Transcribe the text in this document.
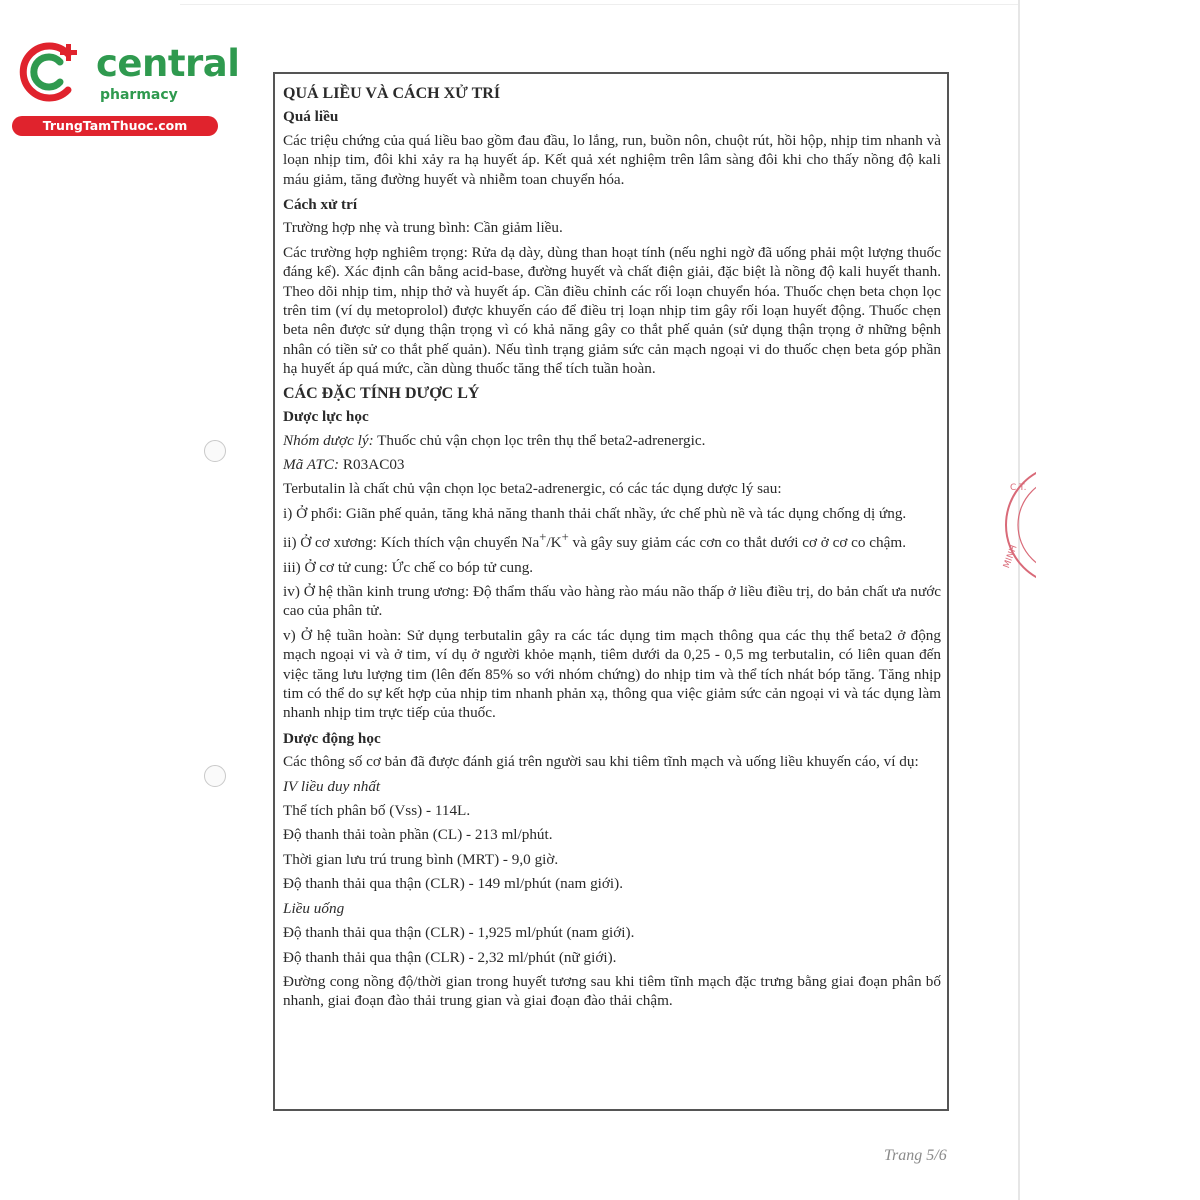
central
pharmacy
TrungTamThuoc.com
C.T.
MINH
QUÁ LIỀU VÀ CÁCH XỬ TRÍ
Quá liều
Các triệu chứng của quá liều bao gồm đau đầu, lo lắng, run, buồn nôn, chuột rút, hồi hộp, nhịp tim nhanh và loạn nhịp tim, đôi khi xảy ra hạ huyết áp. Kết quả xét nghiệm trên lâm sàng đôi khi cho thấy nồng độ kali máu giảm, tăng đường huyết và nhiễm toan chuyển hóa.
Cách xử trí
Trường hợp nhẹ và trung bình: Cần giảm liều.
Các trường hợp nghiêm trọng: Rửa dạ dày, dùng than hoạt tính (nếu nghi ngờ đã uống phải một lượng thuốc đáng kể). Xác định cân bằng acid-base, đường huyết và chất điện giải, đặc biệt là nồng độ kali huyết thanh. Theo dõi nhịp tim, nhịp thở và huyết áp. Cần điều chỉnh các rối loạn chuyển hóa. Thuốc chẹn beta chọn lọc trên tim (ví dụ metoprolol) được khuyến cáo để điều trị loạn nhịp tim gây rối loạn huyết động. Thuốc chẹn beta nên được sử dụng thận trọng vì có khả năng gây co thắt phế quản (sử dụng thận trọng ở những bệnh nhân có tiền sử co thắt phế quản). Nếu tình trạng giảm sức cản mạch ngoại vi do thuốc chẹn beta góp phần hạ huyết áp quá mức, cần dùng thuốc tăng thể tích tuần hoàn.
CÁC ĐẶC TÍNH DƯỢC LÝ
Dược lực học
Nhóm dược lý: Thuốc chủ vận chọn lọc trên thụ thể beta2-adrenergic.
Mã ATC: R03AC03
Terbutalin là chất chủ vận chọn lọc beta2-adrenergic, có các tác dụng dược lý sau:
i) Ở phổi: Giãn phế quản, tăng khả năng thanh thải chất nhầy, ức chế phù nề và tác dụng chống dị ứng.
ii) Ở cơ xương: Kích thích vận chuyển Na+/K+ và gây suy giảm các cơn co thắt dưới cơ ở cơ co chậm.
iii) Ở cơ tử cung: Ức chế co bóp tử cung.
iv) Ở hệ thần kinh trung ương: Độ thẩm thấu vào hàng rào máu não thấp ở liều điều trị, do bản chất ưa nước cao của phân tử.
v) Ở hệ tuần hoàn: Sử dụng terbutalin gây ra các tác dụng tim mạch thông qua các thụ thể beta2 ở động mạch ngoại vi và ở tim, ví dụ ở người khỏe mạnh, tiêm dưới da 0,25 - 0,5 mg terbutalin, có liên quan đến việc tăng lưu lượng tim (lên đến 85% so với nhóm chứng) do nhịp tim và thể tích nhát bóp tăng. Tăng nhịp tim có thể do sự kết hợp của nhịp tim nhanh phản xạ, thông qua việc giảm sức cản ngoại vi và tác dụng làm nhanh nhịp tim trực tiếp của thuốc.
Dược động học
Các thông số cơ bản đã được đánh giá trên người sau khi tiêm tĩnh mạch và uống liều khuyến cáo, ví dụ:
IV liều duy nhất
Thể tích phân bố (Vss) - 114L.
Độ thanh thải toàn phần (CL) - 213 ml/phút.
Thời gian lưu trú trung bình (MRT) - 9,0 giờ.
Độ thanh thải qua thận (CLR) - 149 ml/phút (nam giới).
Liều uống
Độ thanh thải qua thận (CLR) - 1,925 ml/phút (nam giới).
Độ thanh thải qua thận (CLR) - 2,32 ml/phút (nữ giới).
Đường cong nồng độ/thời gian trong huyết tương sau khi tiêm tĩnh mạch đặc trưng bằng giai đoạn phân bố nhanh, giai đoạn đào thải trung gian và giai đoạn đào thải chậm.
Trang 5/6
